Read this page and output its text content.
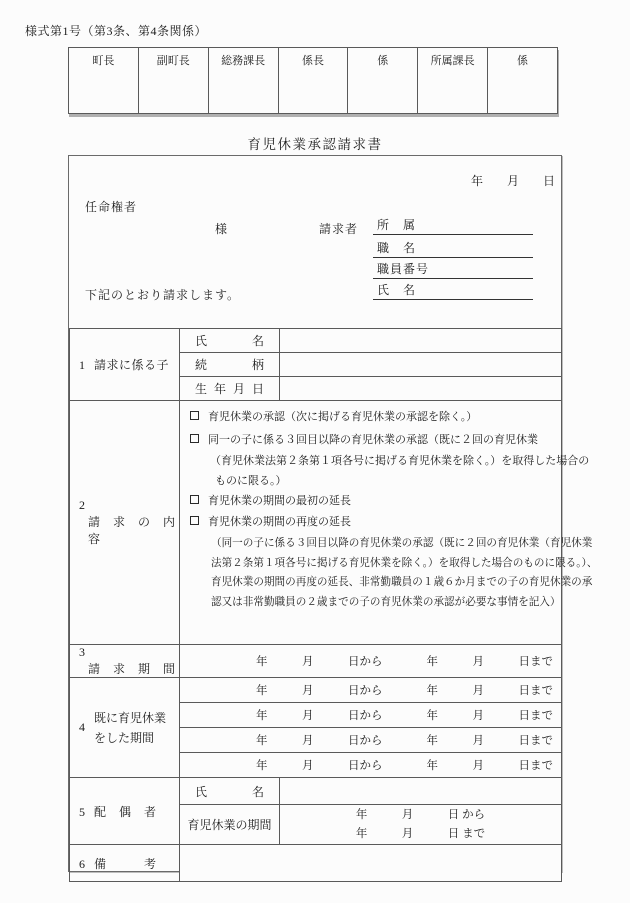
様式第1号（第3条、第4条関係）
町長	副町長	総務課長	係長	係	所属課長	係
育児休業承認請求書
年　　月　　日
任命権者
様	請求者	所　属
職　名
職員番号
氏　名
下記のとおり請求します。
1 請求に係る子	氏 名	
	続 柄	
	生 年 月 日	
2請　求　の　内　容	
育児休業の承認（次に掲げる育児休業の承認を除く。）
同一の子に係る３回目以降の育児休業の承認（既に２回の育児休業
（育児休業法第２条第１項各号に掲げる育児休業を除く。）を取得した場合の
ものに限る。）
育児休業の期間の最初の延長
育児休業の期間の再度の延長
（同一の子に係る３回目以降の育児休業の承認（既に２回の育児休業（育児休業
法第２条第１項各号に掲げる育児休業を除く。）を取得した場合のものに限る。）、
育児休業の期間の再度の延長、非常勤職員の１歳６か月までの子の育児休業の承
認又は非常勤職員の２歳までの子の育児休業の承認が必要な事情を記入）

3請　求　期　間	年　　　月　　　日から 年　　　月　　　日まで	

4
既に育児休業
をした期間

年　　　月　　　日から	年　　　月　　　日まで

	年　　　月　　　日から 年　　　月　　　日まで	

	年　　　月　　　日から 年　　　月　　　日まで	

	年　　　月　　　日から 年　　　月　　　日まで	

5 配　偶　者	氏 名	
	育児休業の期間	年　　　月　　　日 から
年　　　月　　　日 まで

6 備　　　考		
